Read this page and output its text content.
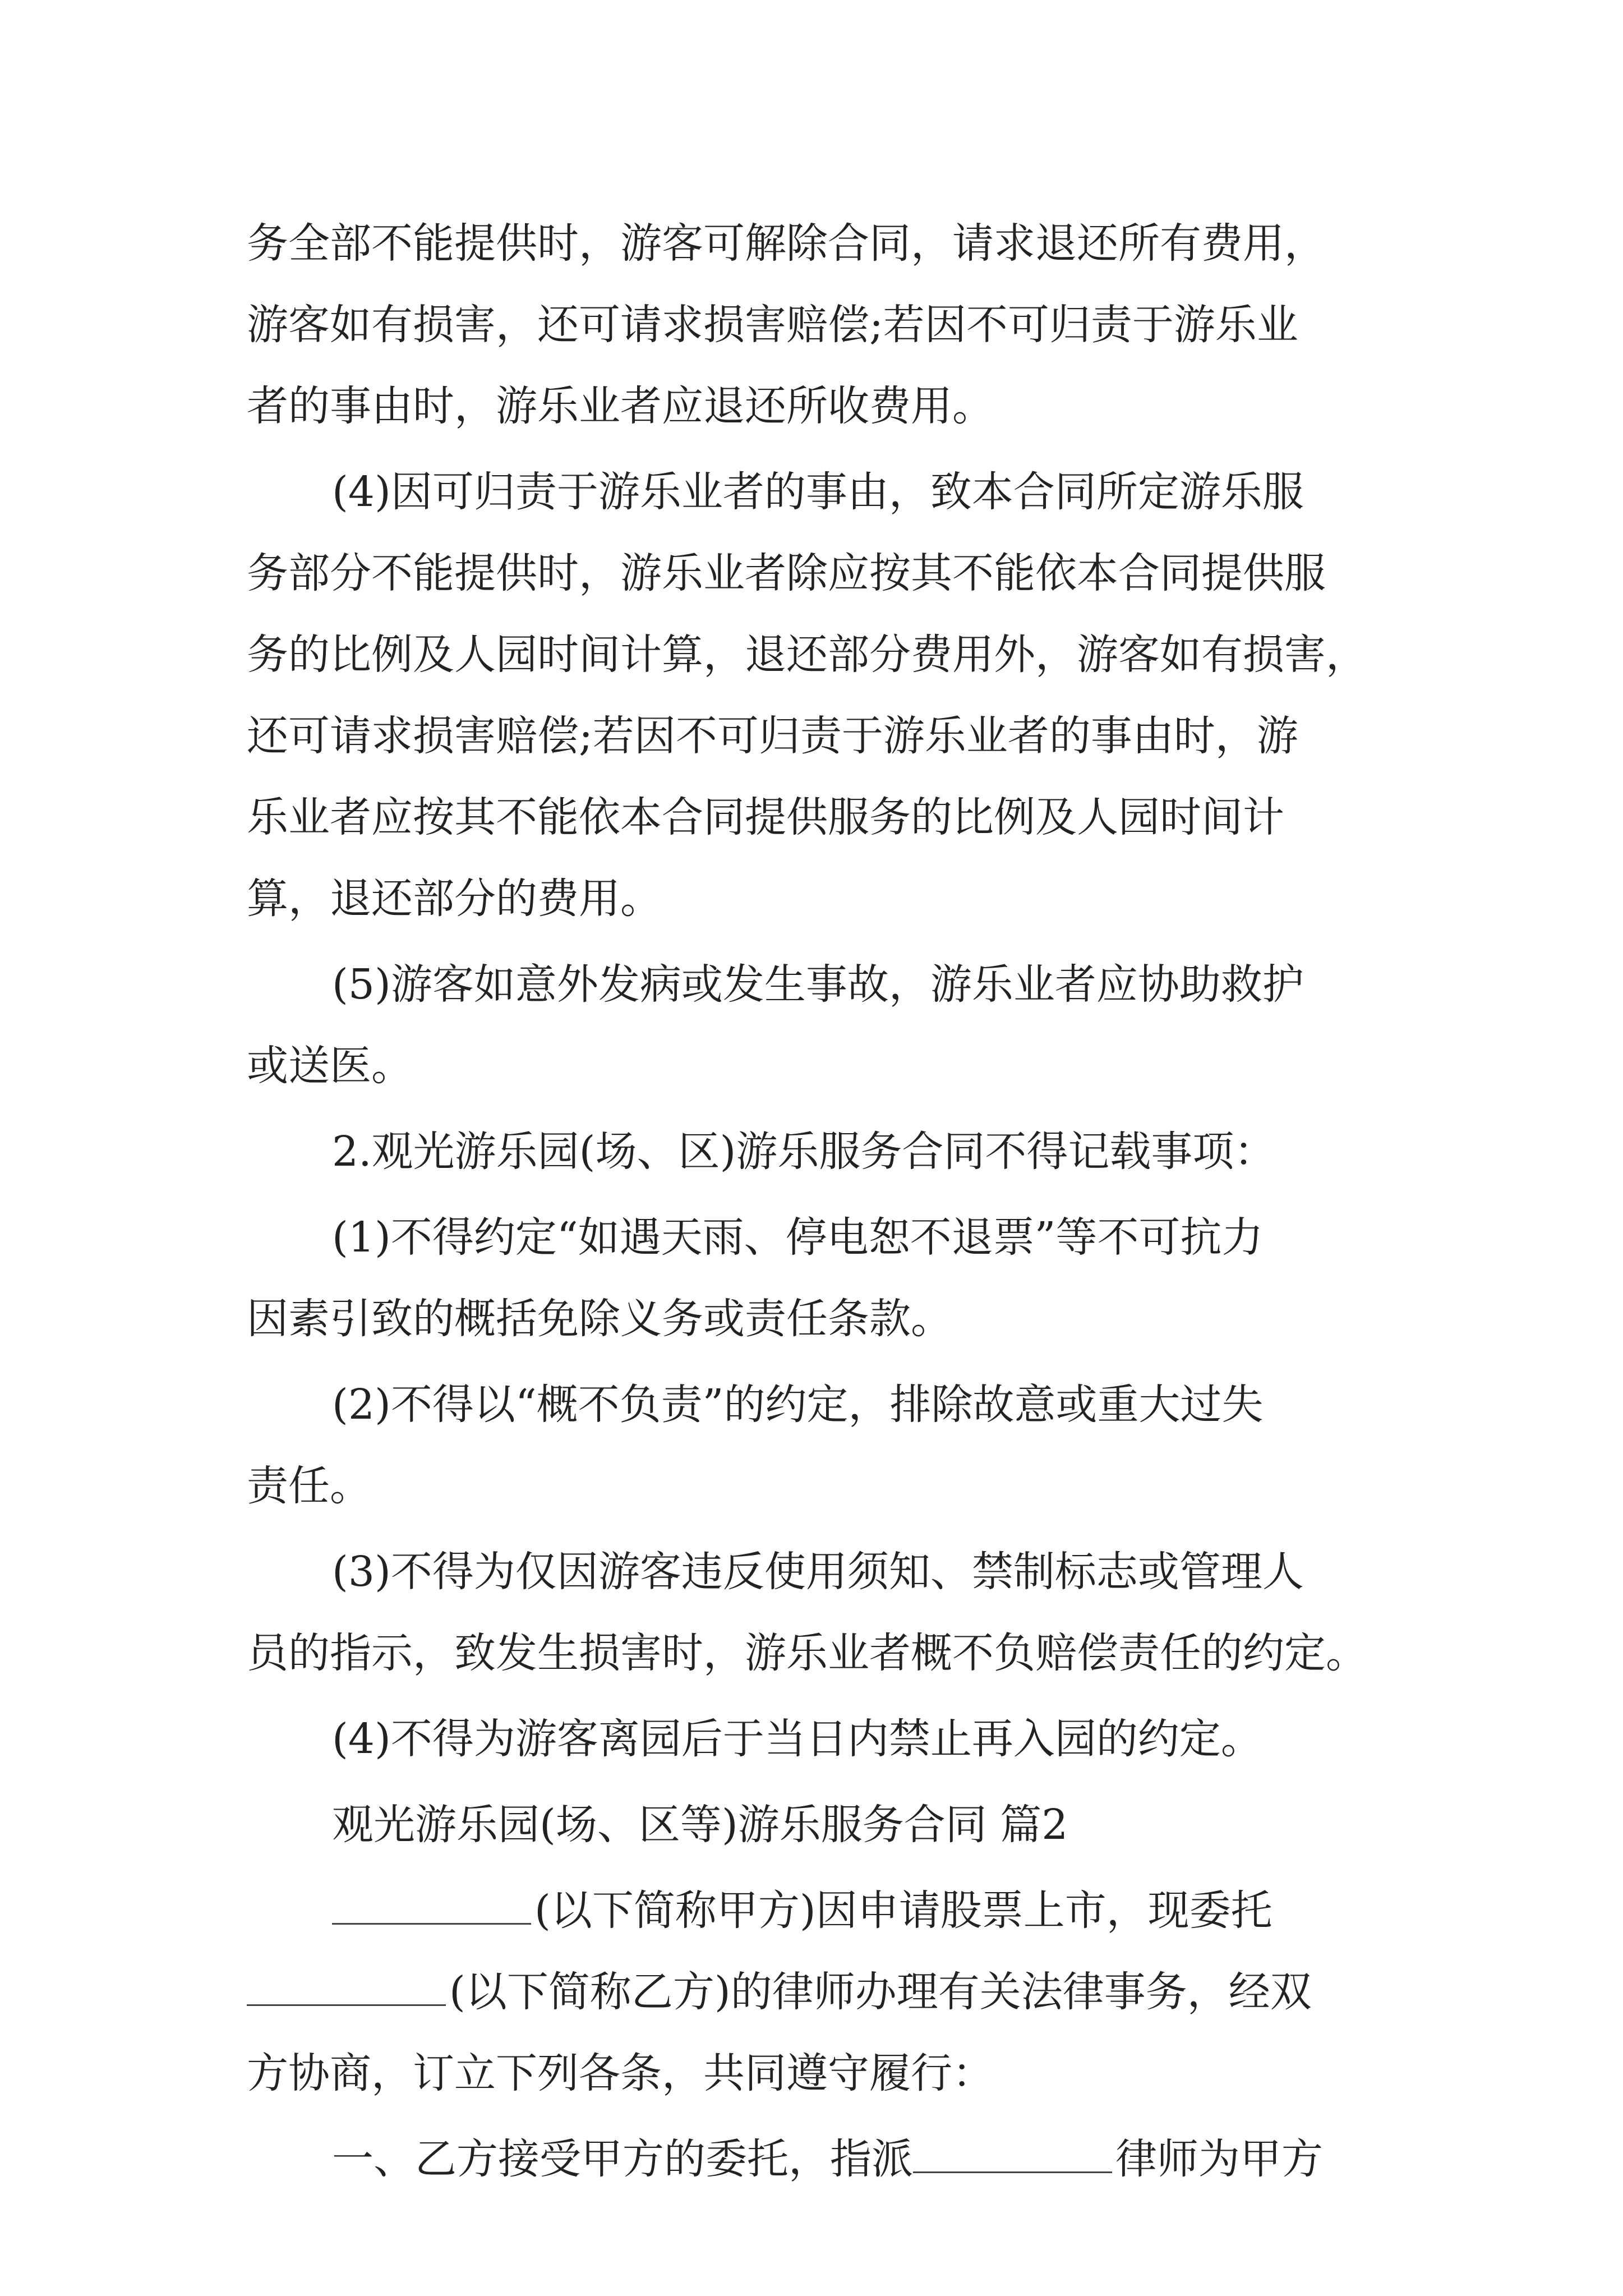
务全部不能提供时，游客可解除合同，请求退还所有费用，
游客如有损害，还可请求损害赔偿;若因不可归责于游乐业
者的事由时，游乐业者应退还所收费用。
(4)因可归责于游乐业者的事由，致本合同所定游乐服
务部分不能提供时，游乐业者除应按其不能依本合同提供服
务的比例及人园时间计算，退还部分费用外，游客如有损害，
还可请求损害赔偿;若因不可归责于游乐业者的事由时，游
乐业者应按其不能依本合同提供服务的比例及人园时间计
算，退还部分的费用。
(5)游客如意外发病或发生事故，游乐业者应协助救护
或送医。
2.观光游乐园(场、区)游乐服务合同不得记载事项：
(1)不得约定“如遇天雨、停电恕不退票”等不可抗力
因素引致的概括免除义务或责任条款。
(2)不得以“概不负责”的约定，排除故意或重大过失
责任。
(3)不得为仅因游客违反使用须知、禁制标志或管理人
员的指示，致发生损害时，游乐业者概不负赔偿责任的约定。
(4)不得为游客离园后于当日内禁止再入园的约定。
观光游乐园(场、区等)游乐服务合同 篇2
(以下简称甲方)因申请股票上市，现委托
(以下简称乙方)的律师办理有关法律事务，经双
方协商，订立下列各条，共同遵守履行：
一、乙方接受甲方的委托，指派	律师为甲方
